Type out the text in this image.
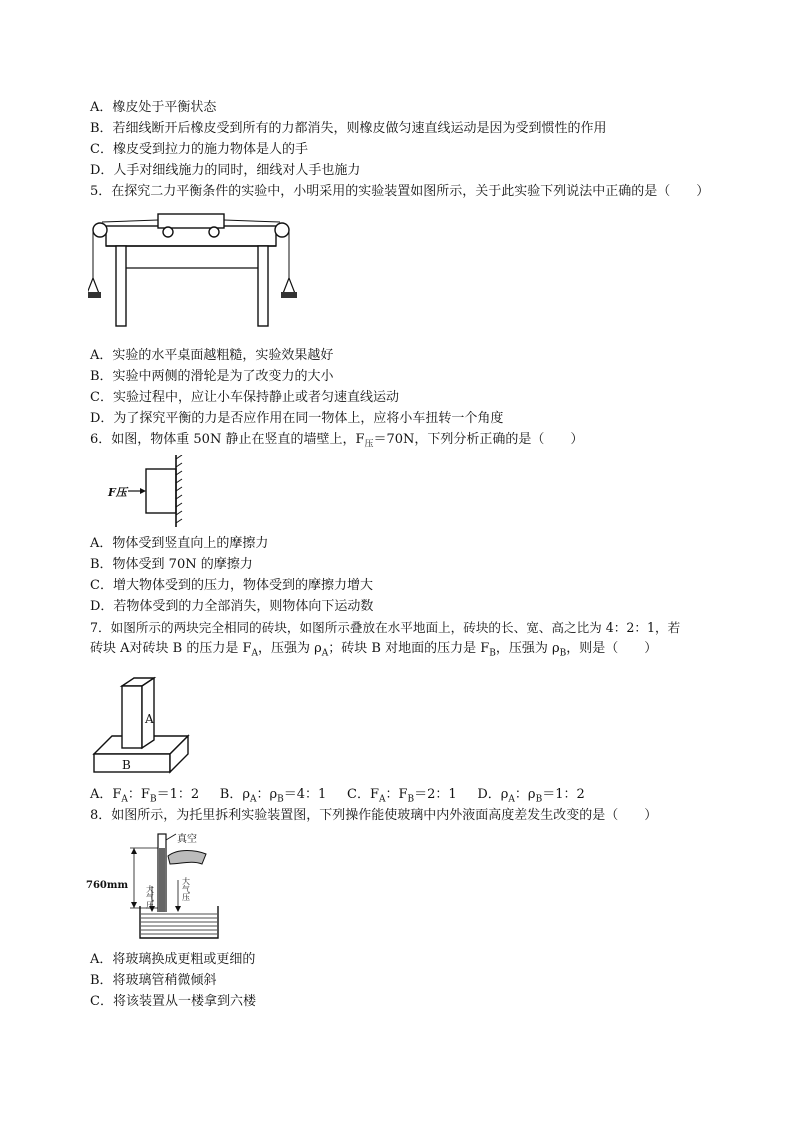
A．橡皮处于平衡状态
B．若细线断开后橡皮受到所有的力都消失，则橡皮做匀速直线运动是因为受到惯性的作用
C．橡皮受到拉力的施力物体是人的手
D．人手对细线施力的同时，细线对人手也施力
5．在探究二力平衡条件的实验中，小明采用的实验装置如图所示，关于此实验下列说法中正确的是（　　）
A．实验的水平桌面越粗糙，实验效果越好
B．实验中两侧的滑轮是为了改变力的大小
C．实验过程中，应让小车保持静止或者匀速直线运动
D．为了探究平衡的力是否应作用在同一物体上，应将小车扭转一个角度
6．如图，物体重 50N 静止在竖直的墙壁上，$F_压=70N$，下列分析正确的是（　　）
F压
A．物体受到竖直向上的摩擦力
B．物体受到 70N 的摩擦力
C．增大物体受到的压力，物体受到的摩擦力增大
D．若物体受到的力全部消失，则物体向下运动数
7．如图所示的两块完全相同的砖块，如图所示叠放在水平地面上，砖块的长、宽、高之比为 4：2：1，若
砖块 A对砖块 B 的压力是 $F_A$，压强为 $\rho_A$；砖块 B 对地面的压力是 $F_B$，压强为 $\rho_B$，则是（　　）
A
B
A．$F_A$：$F_B=1$：2 B．$\rho_A$：$\rho_B=4$：1 C．$F_A$：$F_B=2$：1 D．$\rho_A$：$\rho_B=1$：2
8．如图所示，为托里拆利实验装置图，下列操作能使玻璃中内外液面高度差发生改变的是（　　）
真空
760mm 大气压
大气压
A．将玻璃换成更粗或更细的
B．将玻璃管稍微倾斜
C．将该装置从一楼拿到六楼
